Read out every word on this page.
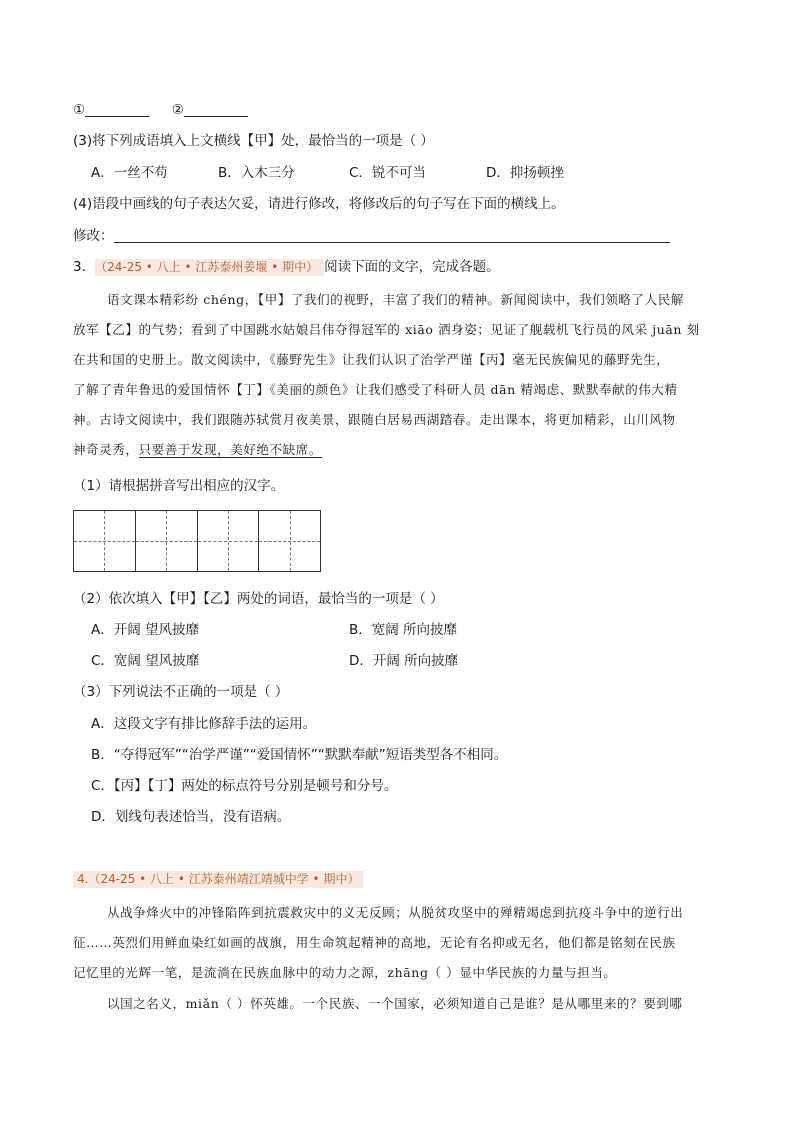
①	②
(3)将下列成语填入上文横线【甲】处，最恰当的一项是（ ）
A．一丝不苟	B．入木三分	C．锐不可当	D．抑扬顿挫
(4)语段中画线的句子表达欠妥，请进行修改，将修改后的句子写在下面的横线上。
修改：
3． （24-25 • 八上 • 江苏泰州姜堰 • 期中） 阅读下面的文字，完成各题。
语文课本精彩纷 chéng，【甲】了我们的视野，丰富了我们的精神。新闻阅读中，我们领略了人民解
放军【乙】的气势；看到了中国跳水姑娘吕伟夺得冠军的 xiāo 洒身姿；见证了舰载机飞行员的风采 juān 刻
在共和国的史册上。散文阅读中，《藤野先生》让我们认识了治学严谨【丙】毫无民族偏见的藤野先生，
了解了青年鲁迅的爱国情怀【丁】《美丽的颜色》让我们感受了科研人员 dān 精竭虑、默默奉献的伟大精
神。古诗文阅读中，我们跟随苏轼赏月夜美景，跟随白居易西湖踏春。走出课本，将更加精彩，山川风物
神奇灵秀，只要善于发现，美好绝不缺席。
（1）请根据拼音写出相应的汉字。
（2）依次填入【甲】【乙】两处的词语，最恰当的一项是（ ）
A．开阔 望风披靡	B．宽阔 所向披靡
C．宽阔 望风披靡	D．开阔 所向披靡
（3）下列说法不正确的一项是（ ）
A．这段文字有排比修辞手法的运用。
B．“夺得冠军”“治学严谨”“爱国情怀”“默默奉献”短语类型各不相同。
C．【丙】【丁】两处的标点符号分别是顿号和分号。
D．划线句表述恰当，没有语病。
4.（24-25 • 八上 • 江苏泰州靖江靖城中学 • 期中）
从战争烽火中的冲锋陷阵到抗震救灾中的义无反顾；从脱贫攻坚中的殚精竭虑到抗疫斗争中的逆行出
征……英烈们用鲜血染红如画的战旗，用生命筑起精神的高地，无论有名抑或无名，他们都是铭刻在民族
记忆里的光辉一笔，是流淌在民族血脉中的动力之源，zhāng（ ）显中华民族的力量与担当。
以国之名义，miǎn（ ）怀英雄。一个民族、一个国家，必须知道自己是谁？是从哪里来的？要到哪
